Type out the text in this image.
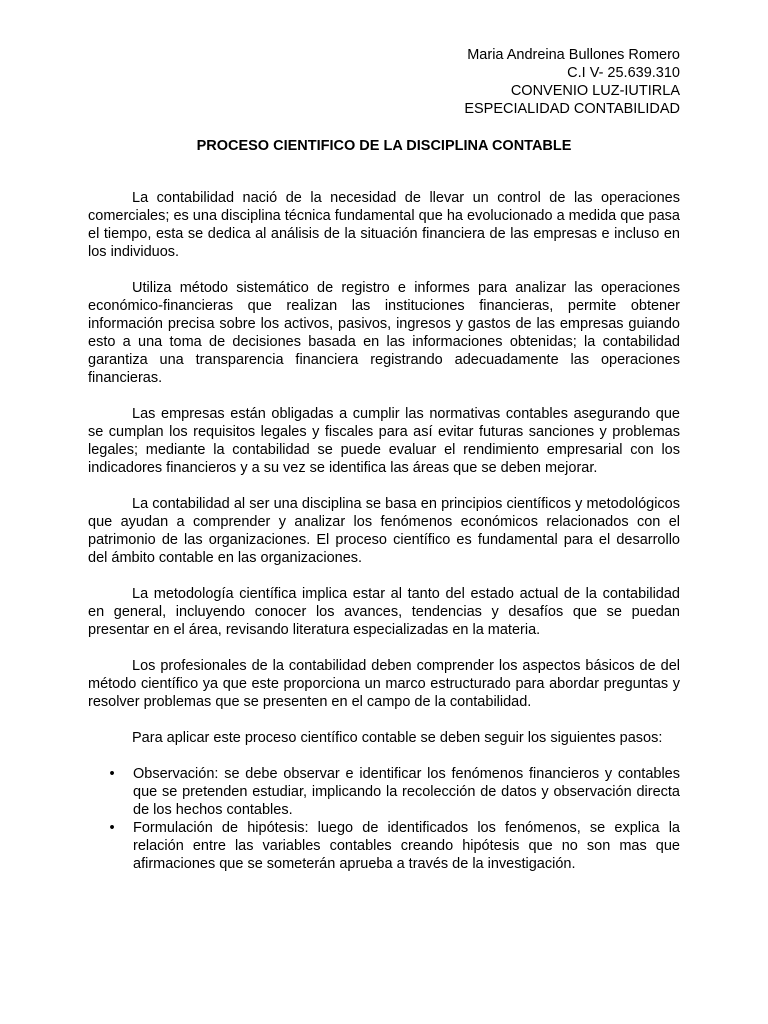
Maria Andreina Bullones Romero
C.I V- 25.639.310
CONVENIO LUZ-IUTIRLA
ESPECIALIDAD CONTABILIDAD
PROCESO CIENTIFICO DE LA DISCIPLINA CONTABLE

La contabilidad nació de la necesidad de llevar un control de las operaciones comerciales; es una disciplina técnica fundamental que ha evolucionado a medida que pasa el tiempo, esta se dedica al análisis de la situación financiera de las empresas e incluso en los individuos.

Utiliza método sistemático de registro e informes para analizar las operaciones económico-financieras que realizan las instituciones financieras, permite obtener información precisa sobre los activos, pasivos, ingresos y gastos de las empresas guiando esto a una toma de decisiones basada en las informaciones obtenidas; la contabilidad garantiza una transparencia financiera registrando adecuadamente las operaciones financieras.

Las empresas están obligadas a cumplir las normativas contables asegurando que se cumplan los requisitos legales y fiscales para así evitar futuras sanciones y problemas legales; mediante la contabilidad se puede evaluar el rendimiento empresarial con los indicadores financieros y a su vez se identifica las áreas que se deben mejorar.

La contabilidad al ser una disciplina se basa en principios científicos y metodológicos que ayudan a comprender y analizar los fenómenos económicos relacionados con el patrimonio de las organizaciones. El proceso científico es fundamental para el desarrollo del ámbito contable en las organizaciones.

La metodología científica implica estar al tanto del estado actual de la contabilidad en general, incluyendo conocer los avances, tendencias y desafíos que se puedan presentar en el área, revisando literatura especializadas en la materia.

Los profesionales de la contabilidad deben comprender los aspectos básicos de del método científico ya que este proporciona un marco estructurado para abordar preguntas y resolver problemas que se presenten en el campo de la contabilidad.

Para aplicar este proceso científico contable se deben seguir los siguientes pasos:

• Observación: se debe observar e identificar los fenómenos financieros y contables que se pretenden estudiar, implicando la recolección de datos y observación directa de los hechos contables.
• Formulación de hipótesis: luego de identificados los fenómenos, se explica la relación entre las variables contables creando hipótesis que no son mas que afirmaciones que se someterán aprueba a través de la investigación.
